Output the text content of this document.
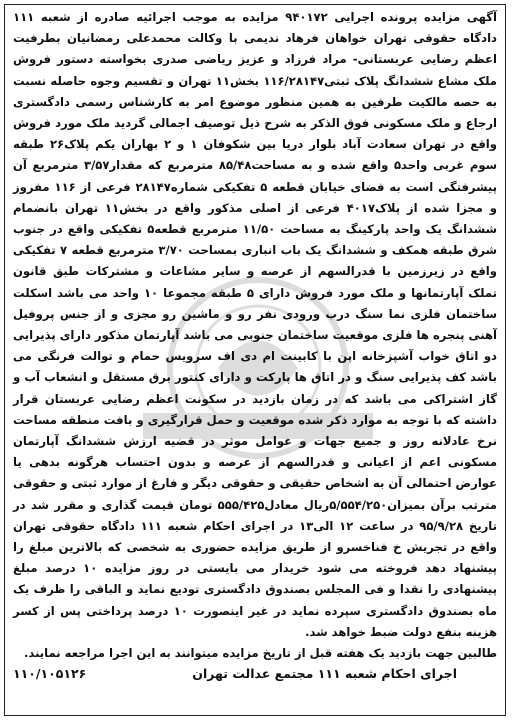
آگهی مزایده پرونده اجرایی ۹۴۰۱۷۲ مزایده به موجب اجرائیه صادره از شعبه ۱۱۱ دادگاه حقوقی تهران خواهان فرهاد ندیمی با وکالت محمدعلی رمضانیان بطرفیت اعظم رضایی عربستانی- مراد فرزاد و عزیز ریاضی صدری بخواسته دستور فروش ملک مشاع ششدانگ پلاک ثبتی۱۱۶/۲۸۱۴۷ بخش۱۱ تهران و تقسیم وجوه حاصله نسبت به حصه مالکیت طرفین به همین منظور موضوع امر به کارشناس رسمی دادگستری ارجاع و ملک مسکونی فوق الذکر به شرح ذیل توصیف اجمالی گردید ملک مورد فروش واقع در تهران سعادت آباد بلوار دریا بین شکوفان ۱ و ۲ بهاران یکم پلاک۲۶ طبقه سوم غربی واحد۵ واقع شده و به مساحت۸۵/۴۸ مترمربع که مقدار۳/۵۷ مترمربع آن پیشرفتگی است به فضای خیابان قطعه ۵ تفکیکی شماره۲۸۱۴۷ فرعی از ۱۱۶ مفروز و مجزا شده از پلاک۴۰۱۷ فرعی از اصلی مذکور واقع در بخش۱۱ تهران بانضمام ششدانگ یک واحد پارکینگ به مساحت ۱۱/۵۰ مترمربع قطعه۵ تفکیکی واقع در جنوب شرق طبقه همکف و ششدانگ یک باب انباری بمساحت ۳/۷۰ مترمربع قطعه ۷ تفکیکی واقع در زیرزمین با قدرالسهم از عرصه و سایر مشاعات و مشترکات طبق قانون تملک آپارتمانها و ملک مورد فروش دارای ۵ طبقه مجموعا ۱۰ واحد می باشد اسکلت ساختمان فلزی نما سنگ درب ورودی نفر رو و ماشین رو مجزی و از جنس پروفیل آهنی پنجره ها فلزی موقعیت ساختمان جنوبی می باشد آپارتمان مذکور دارای پذیرایی دو اتاق خواب آشپزخانه اپن با کابینت ام دی اف سرویس حمام و توالت فرنگی می باشد کف پذیرایی سنگ و در اتاق ها پارکت و دارای کنتور برق مستقل و انشعاب آب و گاز اشتراکی می باشد که در زمان بازدید در سکونت اعظم رضایی عربستان قرار داشته که با توجه به موارد ذکر شده موقعیت و حمل قرارگیری و بافت منطقه مساحت نرخ عادلانه روز و جمیع جهات و عوامل موثر در قضیه ارزش ششدانگ آپارتمان مسکونی اعم از اعیانی و قدرالسهم از عرصه و بدون احتساب هرگونه بدهی یا عوارض احتمالی آن به اشخاص حقیقی و حقوقی دیگر و فارغ از موارد ثبتی و حقوقی مترتب برآن بمیزان۵/۵۵۴/۲۵۰ریال معادل۵۵۵/۴۲۵ تومان قیمت گذاری و مقرر شد در تاریخ ۹۵/۹/۲۸ در ساعت ۱۲ الی۱۳ در اجرای احکام شعبه ۱۱۱ دادگاه حقوقی تهران واقع در تجریش خ فناخسرو از طریق مزایده حضوری به شخصی که بالاترین مبلغ را پیشنهاد دهد فروخته می شود خریدار می بایستی در روز مزایده ۱۰ درصد مبلغ پیشنهادی را نقدا و فی المجلس بصندوق دادگستری تودیع نماید و الباقی را ظرف یک ماه بصندوق دادگستری سپرده نماید در غیر اینصورت ۱۰ درصد پرداختی پس از کسر هزینه بنفع دولت ضبط خواهد شد.

طالبین جهت بازدید یک هفته قبل از تاریخ مزایده میتوانند به این اجرا مراجعه نمایند.

اجرای احکام شعبه ۱۱۱ مجتمع عدالت تهران
۱۱۰/۱۰۵۱۲۶
